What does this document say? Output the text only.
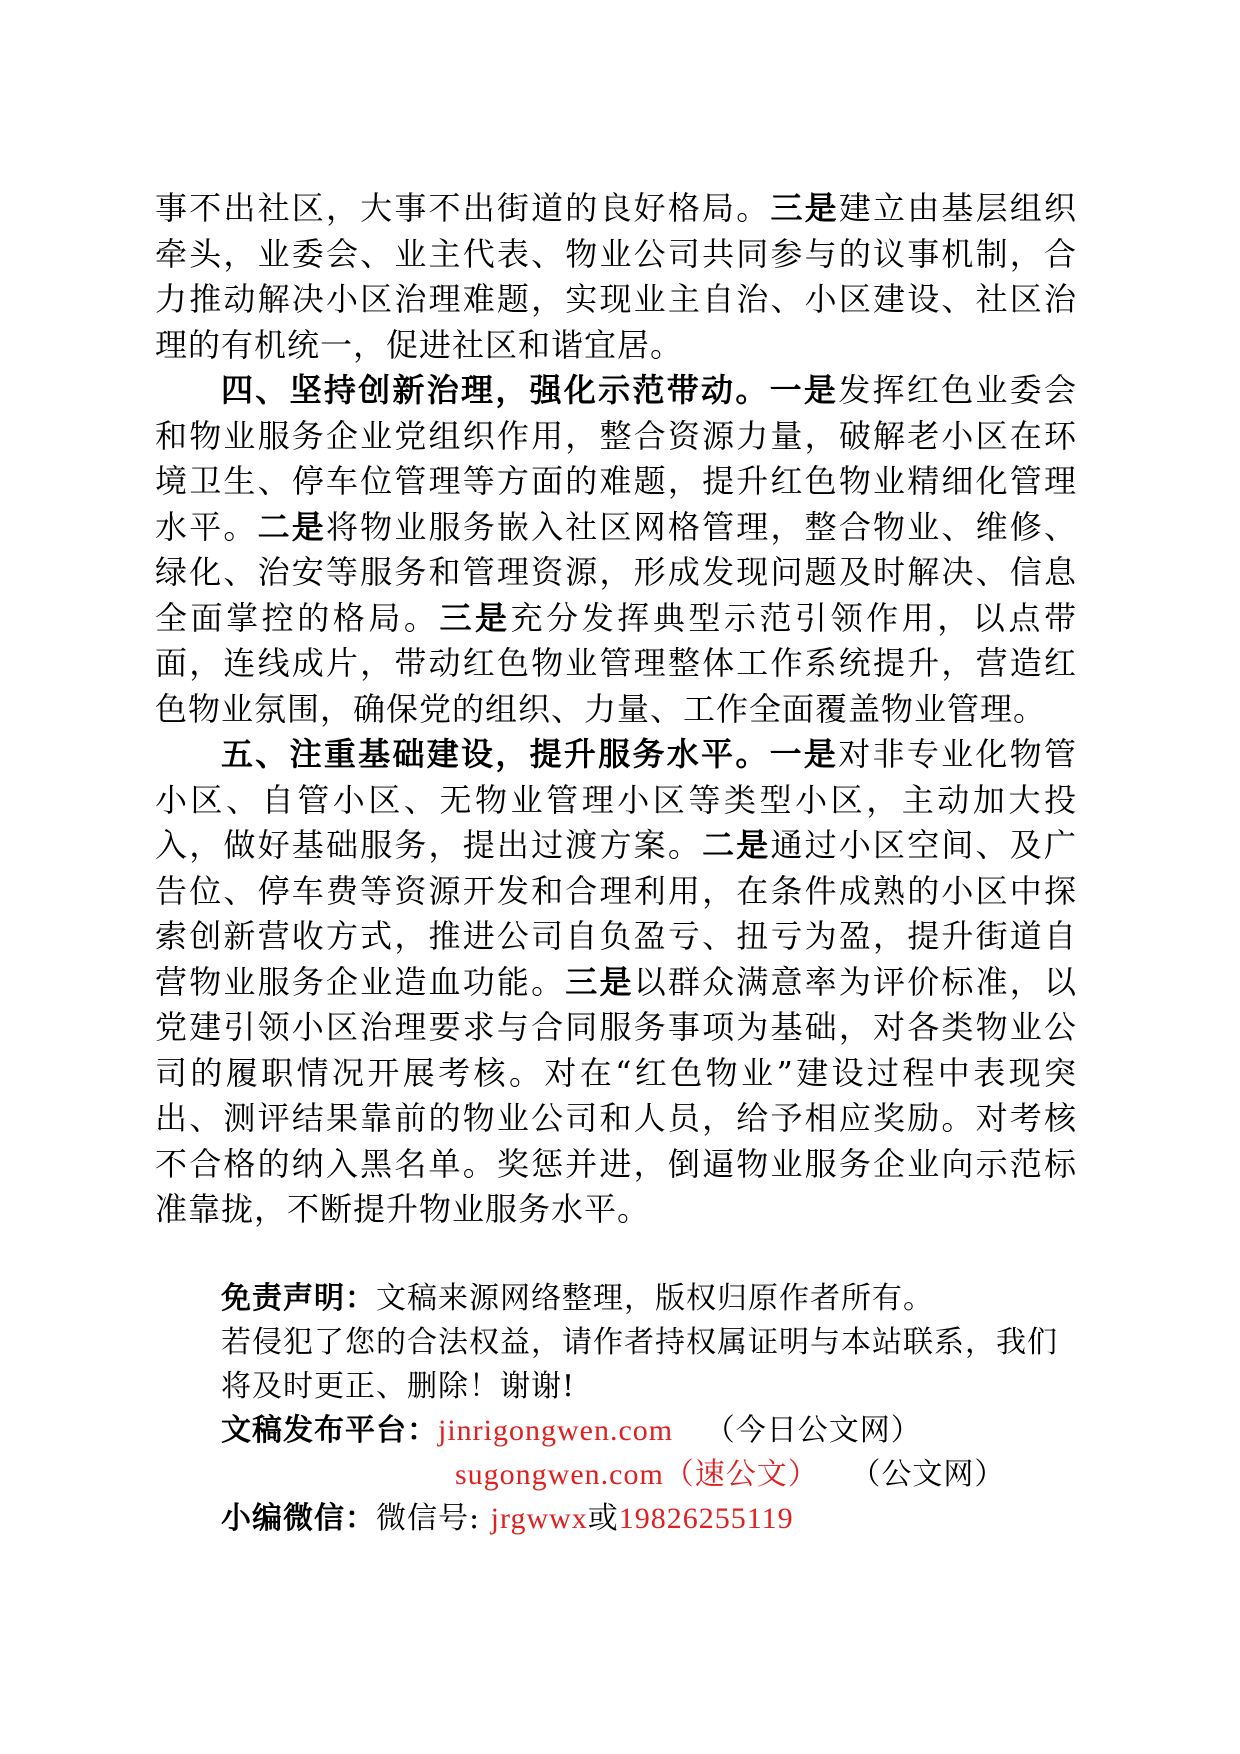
事不出社区，大事不出街道的良好格局。三是建立由基层组织牵头，业委会、业主代表、物业公司共同参与的议事机制，合力推动解决小区治理难题，实现业主自治、小区建设、社区治理的有机统一，促进社区和谐宜居。

四、坚持创新治理，强化示范带动。一是发挥红色业委会和物业服务企业党组织作用，整合资源力量，破解老小区在环境卫生、停车位管理等方面的难题，提升红色物业精细化管理水平。二是将物业服务嵌入社区网格管理，整合物业、维修、绿化、治安等服务和管理资源，形成发现问题及时解决、信息全面掌控的格局。三是充分发挥典型示范引领作用，以点带面，连线成片，带动红色物业管理整体工作系统提升，营造红色物业氛围，确保党的组织、力量、工作全面覆盖物业管理。

五、注重基础建设，提升服务水平。一是对非专业化物管小区、自管小区、无物业管理小区等类型小区，主动加大投入，做好基础服务，提出过渡方案。二是通过小区空间、及广告位、停车费等资源开发和合理利用，在条件成熟的小区中探索创新营收方式，推进公司自负盈亏、扭亏为盈，提升街道自营物业服务企业造血功能。三是以群众满意率为评价标准，以党建引领小区治理要求与合同服务事项为基础，对各类物业公司的履职情况开展考核。对在“红色物业”建设过程中表现突出、测评结果靠前的物业公司和人员，给予相应奖励。对考核不合格的纳入黑名单。奖惩并进，倒逼物业服务企业向示范标准靠拢，不断提升物业服务水平。

免责声明：文稿来源网络整理，版权归原作者所有。

若侵犯了您的合法权益，请作者持权属证明与本站联系，我们将及时更正、删除！谢谢!

文稿发布平台：jinrigongwen.com （今日公文网）

sugongwen.com（速公文） （公文网）

小编微信：微信号: jrgwwx或19826255119
